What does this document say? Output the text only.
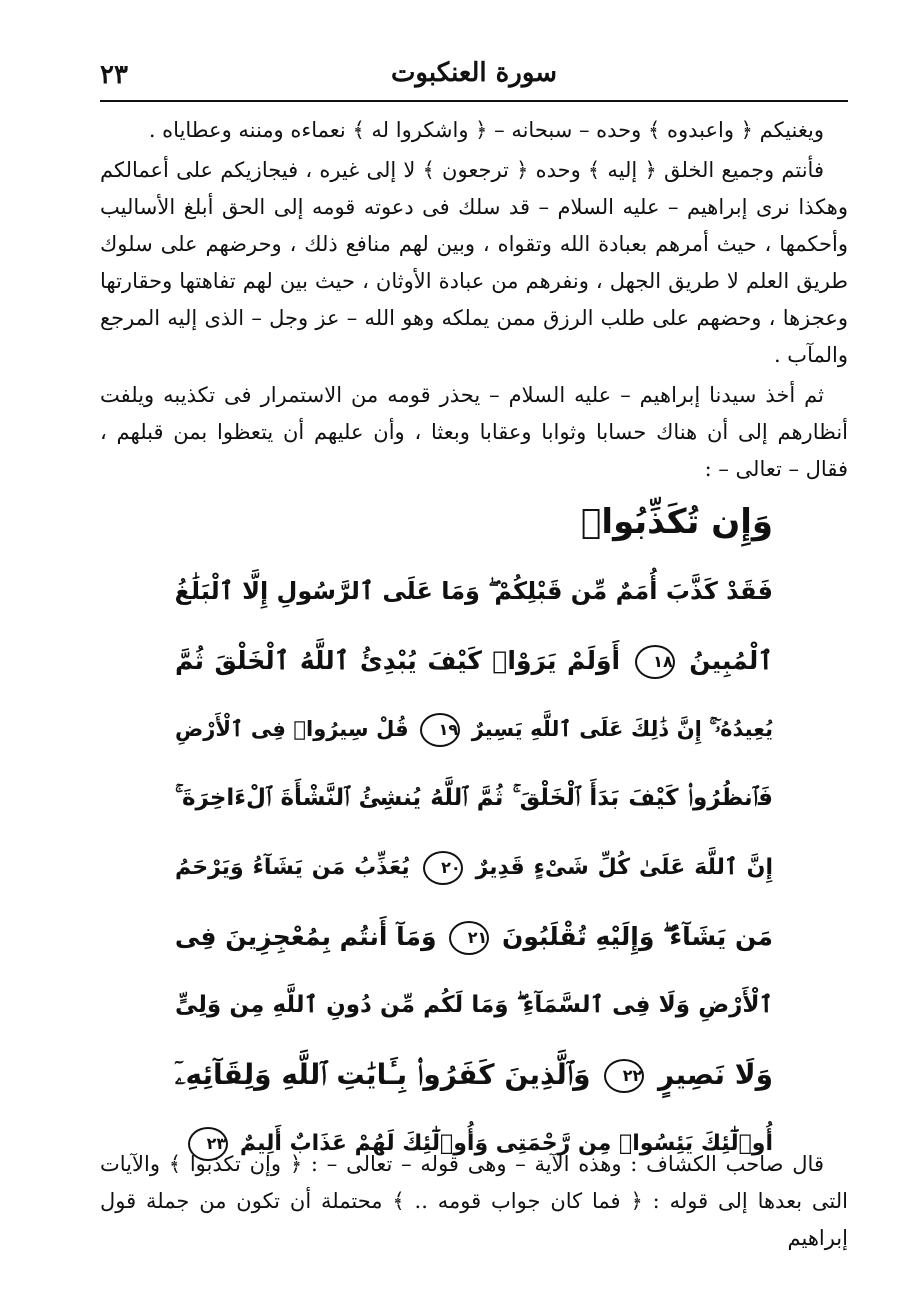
٢٣	سورة العنكبوت

ويغنيكم ﴿ واعبدوه ﴾ وحده – سبحانه – ﴿ واشكروا له ﴾ نعماءه ومننه وعطاياه .

فأنتم وجميع الخلق ﴿ إليه ﴾ وحده ﴿ ترجعون ﴾ لا إلى غيره ، فيجازيكم على أعمالكم وهكذا نرى إبراهيم – عليه السلام – قد سلك فى دعوته قومه إلى الحق أبلغ الأساليب وأحكمها ، حيث أمرهم بعبادة الله وتقواه ، وبين لهم منافع ذلك ، وحرضهم على سلوك طريق العلم لا طريق الجهل ، ونفرهم من عبادة الأوثان ، حيث بين لهم تفاهتها وحقارتها وعجزها ، وحضهم على طلب الرزق ممن يملكه وهو الله – عز وجل – الذى إليه المرجع والمآب .

ثم أخذ سيدنا إبراهيم – عليه السلام – يحذر قومه من الاستمرار فى تكذيبه ويلفت أنظارهم إلى أن هناك حسابا وثوابا وعقابا وبعثا ، وأن عليهم أن يتعظوا بمن قبلهم ، فقال – تعالى – :

وَإِن تُكَذِّبُوا۟
فَقَدْ كَذَّبَ أُمَمٌ مِّن قَبْلِكُمْ ۖ وَمَا عَلَى ٱلرَّسُولِ إِلَّا ٱلْبَلَٰغُ
ٱلْمُبِينُ ١٨ أَوَلَمْ يَرَوْا۟ كَيْفَ يُبْدِئُ ٱللَّهُ ٱلْخَلْقَ ثُمَّ
يُعِيدُهُۥٓ ۚ إِنَّ ذَٰلِكَ عَلَى ٱللَّهِ يَسِيرٌ ١٩ قُلْ سِيرُوا۟ فِى ٱلْأَرْضِ
فَٱنظُرُوا۟ كَيْفَ بَدَأَ ٱلْخَلْقَ ۚ ثُمَّ ٱللَّهُ يُنشِئُ ٱلنَّشْأَةَ ٱلْءَاخِرَةَ ۚ
إِنَّ ٱللَّهَ عَلَىٰ كُلِّ شَىْءٍ قَدِيرٌ ٢٠ يُعَذِّبُ مَن يَشَآءُ وَيَرْحَمُ
مَن يَشَآءُ ۖ وَإِلَيْهِ تُقْلَبُونَ ٢١ وَمَآ أَنتُم بِمُعْجِزِينَ فِى
ٱلْأَرْضِ وَلَا فِى ٱلسَّمَآءِ ۖ وَمَا لَكُم مِّن دُونِ ٱللَّهِ مِن وَلِىٍّ
وَلَا نَصِيرٍ ٢٢ وَٱلَّذِينَ كَفَرُوا۟ بِـَٔايَٰتِ ٱللَّهِ وَلِقَآئِهِۦٓ
أُو۟لَٰٓئِكَ يَئِسُوا۟ مِن رَّحْمَتِى وَأُو۟لَٰٓئِكَ لَهُمْ عَذَابٌ أَلِيمٌ ٢٣

قال صاحب الكشاف : وهذه الآية – وهى قوله – تعالى – : ﴿ وإن تكذبوا ﴾ والآيات التى بعدها إلى قوله : ﴿ فما كان جواب قومه .. ﴾ محتملة أن تكون من جملة قول إبراهيم
